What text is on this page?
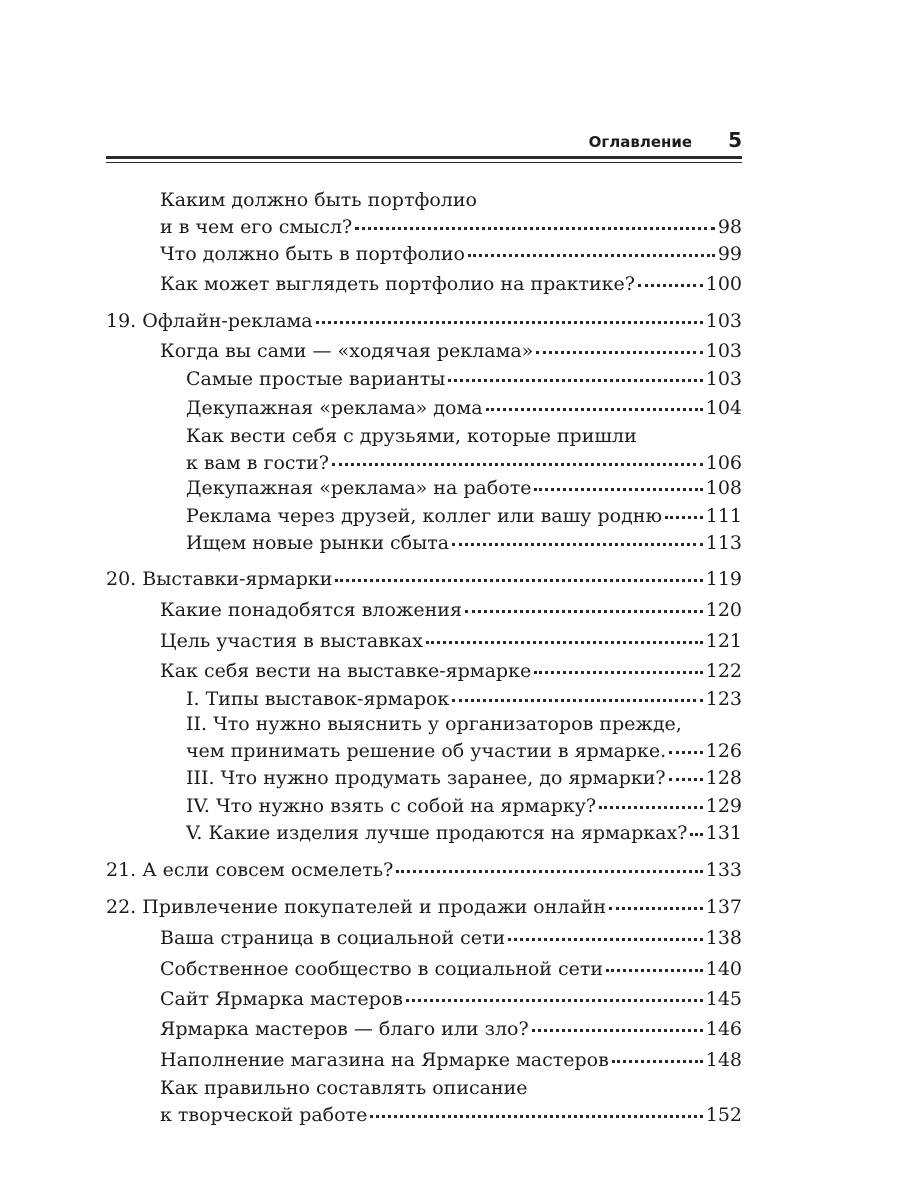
Оглавление 5
Каким должно быть портфолио
и в чем его смысл?	98
Что должно быть в портфолио	99
Как может выглядеть портфолио на практике?	100
19. Офлайн-реклама	103
Когда вы сами — «ходячая реклама»	103
Самые простые варианты	103
Декупажная «реклама» дома	104
Как вести себя с друзьями, которые пришли
к вам в гости?	106
Декупажная «реклама» на работе	108
Реклама через друзей, коллег или вашу родню 111
Ищем новые рынки сбыта	113
20. Выставки-ярмарки	119
Какие понадобятся вложения	120
Цель участия в выставках	121
Как себя вести на выставке-ярмарке	122
I. Типы выставок-ярмарок	123
II. Что нужно выяснить у организаторов прежде,
чем принимать решение об участии в ярмарке. 126
III. Что нужно продумать заранее, до ярмарки? 128
IV. Что нужно взять с собой на ярмарку?	129
V. Какие изделия лучше продаются на ярмарках? 131
21. А если совсем осмелеть?	133
22. Привлечение покупателей и продажи онлайн	137
Ваша страница в социальной сети	138
Собственное сообщество в социальной сети	140
Сайт Ярмарка мастеров	145
Ярмарка мастеров — благо или зло?	146
Наполнение магазина на Ярмарке мастеров	148
Как правильно составлять описание
к творческой работе	152
